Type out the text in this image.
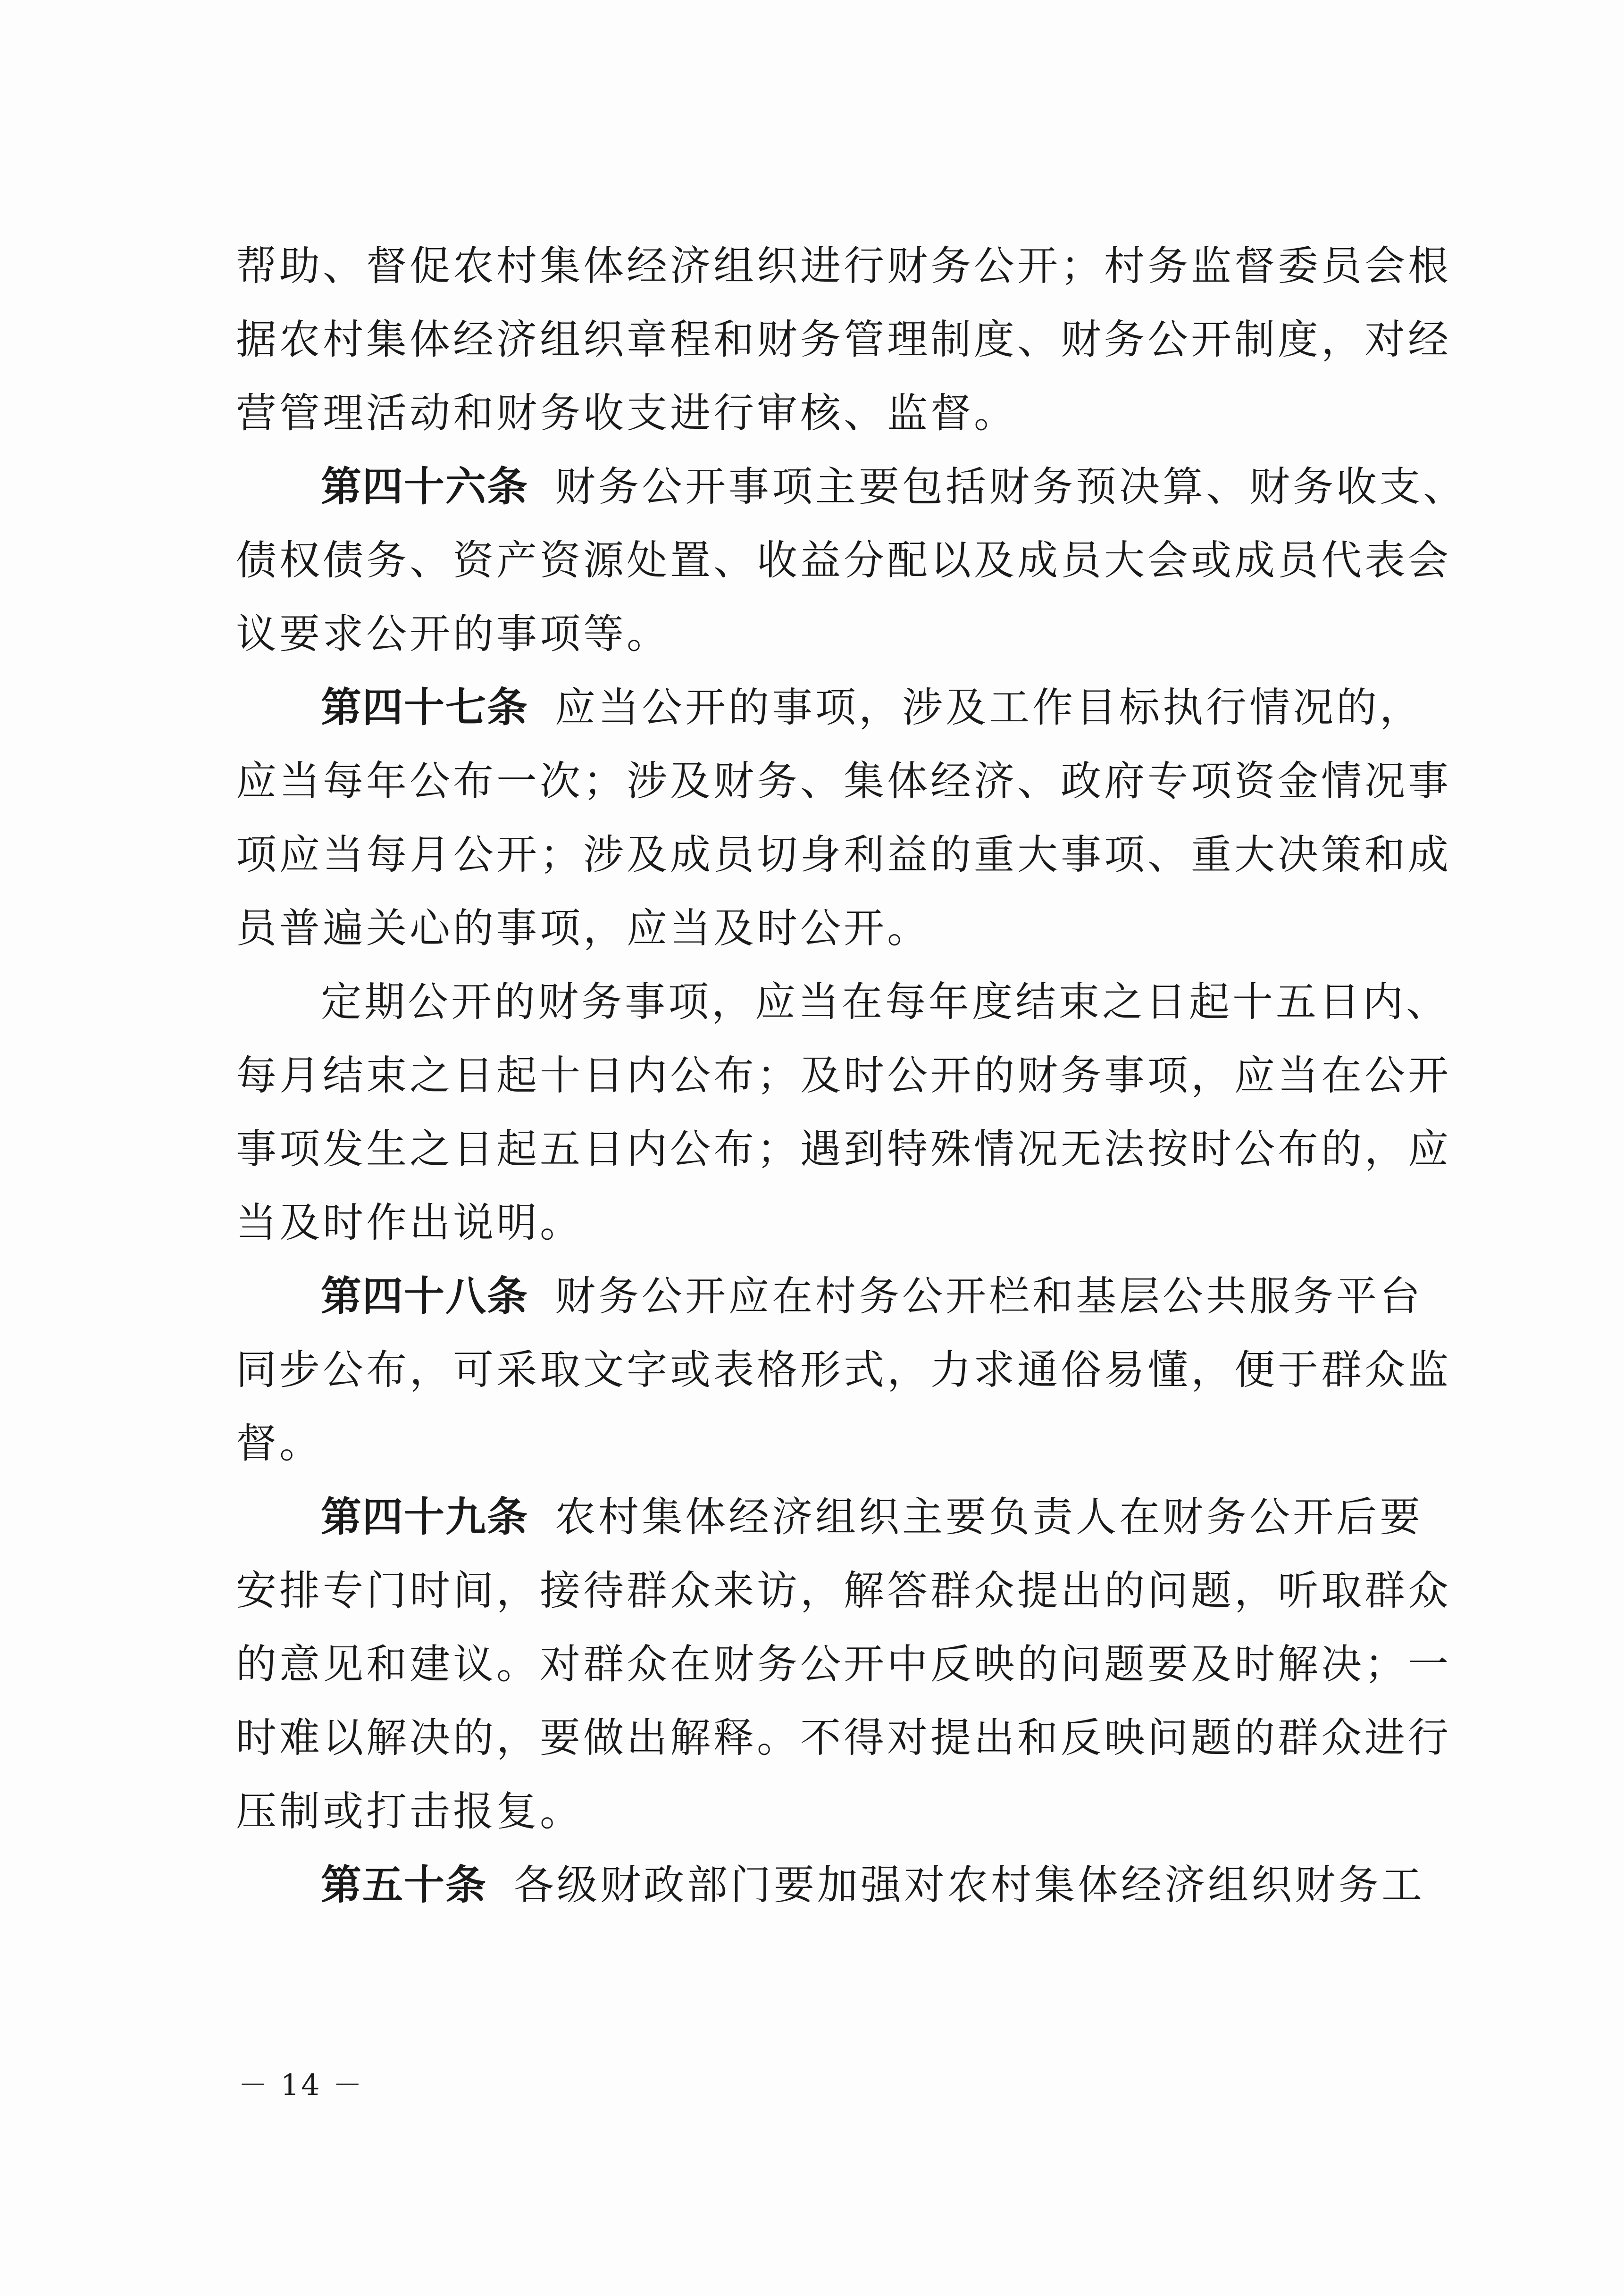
帮助、督促农村集体经济组织进行财务公开；村务监督委员会根
据农村集体经济组织章程和财务管理制度、财务公开制度，对经
营管理活动和财务收支进行审核、监督。
第四十六条 财务公开事项主要包括财务预决算、财务收支、
债权债务、资产资源处置、收益分配以及成员大会或成员代表会
议要求公开的事项等。
第四十七条 应当公开的事项，涉及工作目标执行情况的，
应当每年公布一次；涉及财务、集体经济、政府专项资金情况事
项应当每月公开；涉及成员切身利益的重大事项、重大决策和成
员普遍关心的事项，应当及时公开。
定期公开的财务事项，应当在每年度结束之日起十五日内、
每月结束之日起十日内公布；及时公开的财务事项，应当在公开
事项发生之日起五日内公布；遇到特殊情况无法按时公布的，应
当及时作出说明。
第四十八条 财务公开应在村务公开栏和基层公共服务平台
同步公布，可采取文字或表格形式，力求通俗易懂，便于群众监
督。
第四十九条 农村集体经济组织主要负责人在财务公开后要
安排专门时间，接待群众来访，解答群众提出的问题，听取群众
的意见和建议。对群众在财务公开中反映的问题要及时解决；一
时难以解决的，要做出解释。不得对提出和反映问题的群众进行
压制或打击报复。
第五十条 各级财政部门要加强对农村集体经济组织财务工
－ 14 －
